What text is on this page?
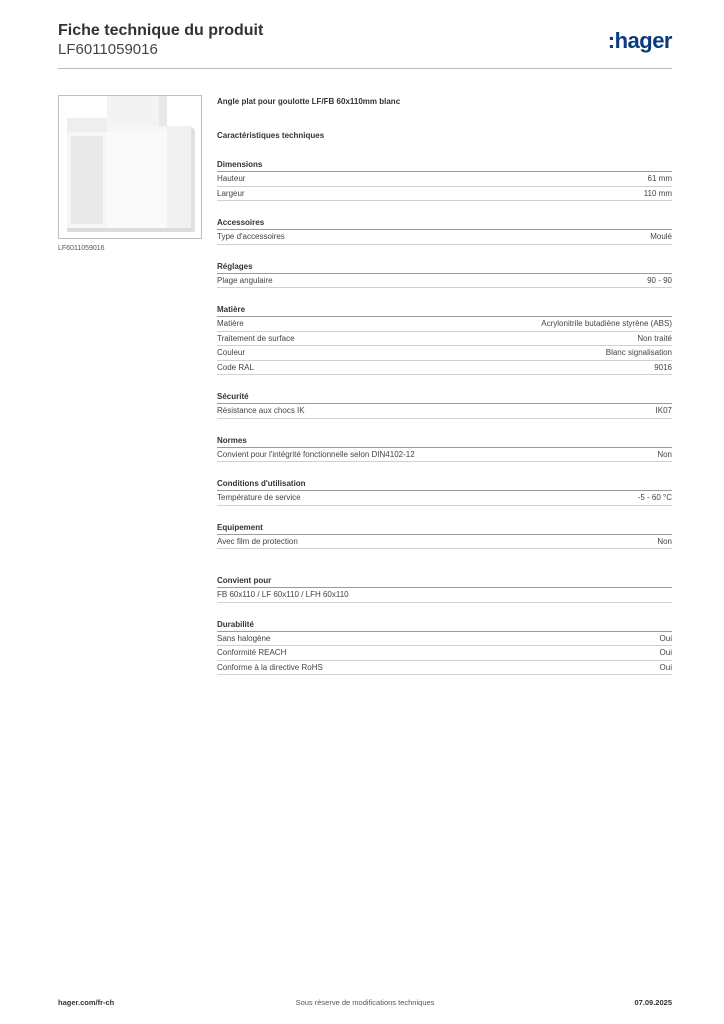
Fiche technique du produit
LF6011059016	:hager
LF6011059016
Angle plat pour goulotte LF/FB 60x110mm blanc
Caractéristiques techniques
Dimensions
Hauteur	61 mm
Largeur	110 mm
Accessoires
Type d'accessoires	Moulé
Réglages
Plage angulaire	90 - 90
Matière
Matière	Acrylonitrile butadiène styrène (ABS)
Traitement de surface	Non traité
Couleur	Blanc signalisation
Code RAL	9016
Sécurité
Résistance aux chocs IK	IK07
Normes
Convient pour l'intégrité fonctionnelle selon DIN4102-12	Non
Conditions d'utilisation
Température de service	-5 - 60 °C
Equipement
Avec film de protection	Non
Convient pour
FB 60x110 / LF 60x110 / LFH 60x110
Durabilité
Sans halogène	Oui
Conformité REACH	Oui
Conforme à la directive RoHS	Oui
hager.com/fr-ch	Sous réserve de modifications techniques	07.09.2025
